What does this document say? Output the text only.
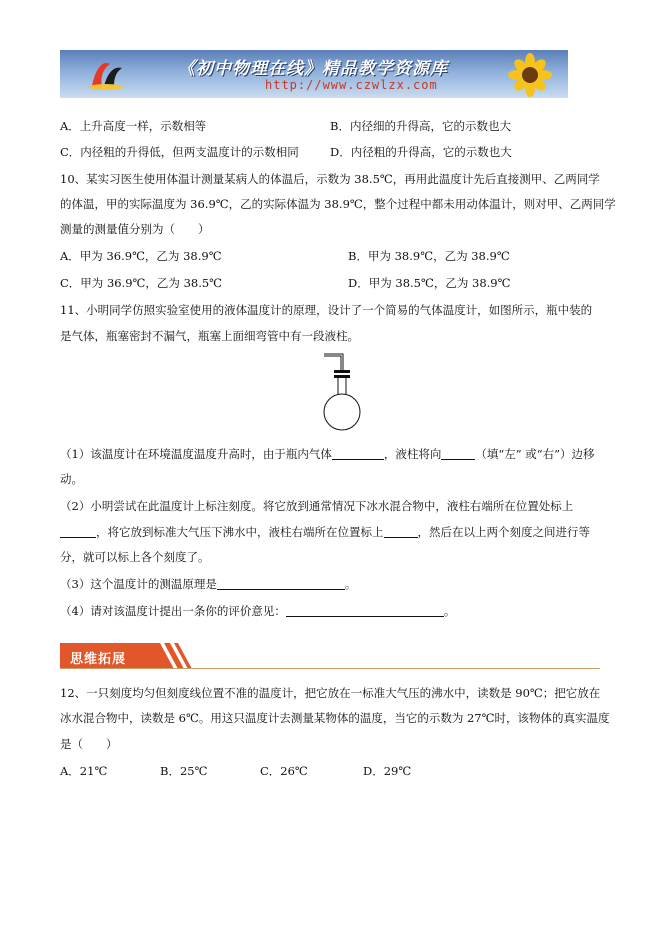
《初中物理在线》精品教学资源库
http://www.czwlzx.com
A．上升高度一样，示数相等	B．内径细的升得高，它的示数也大
C．内径粗的升得低，但两支温度计的示数相同	D．内径粗的升得高，它的示数也大
10、某实习医生使用体温计测量某病人的体温后，示数为 38.5℃，再用此温度计先后直接测甲、乙两同学
的体温，甲的实际温度为 36.9℃，乙的实际体温为 38.9℃，整个过程中都未用动体温计，则对甲、乙两同学
测量的测量值分别为（　　）
A．甲为 36.9℃，乙为 38.9℃	B．甲为 38.9℃，乙为 38.9℃
C．甲为 36.9℃，乙为 38.5℃	D．甲为 38.5℃，乙为 38.9℃
11、小明同学仿照实验室使用的液体温度计的原理，设计了一个简易的气体温度计，如图所示，瓶中装的
是气体，瓶塞密封不漏气，瓶塞上面细弯管中有一段液柱。
（1）该温度计在环境温度温度升高时，由于瓶内气体	，液柱将向	（填“左” 或“右”）边移
动。
（2）小明尝试在此温度计上标注刻度。将它放到通常情况下冰水混合物中，液柱右端所在位置处标上
，将它放到标准大气压下沸水中，液柱右端所在位置标上	，然后在以上两个刻度之间进行等
分，就可以标上各个刻度了。
（3）这个温度计的测温原理是	。
（4）请对该温度计提出一条你的评价意见：	。
思维拓展
12、一只刻度均匀但刻度线位置不准的温度计，把它放在一标准大气压的沸水中，读数是 90℃；把它放在
冰水混合物中，读数是 6℃。用这只温度计去测量某物体的温度，当它的示数为 27℃时，该物体的真实温度
是（　　）
A．21℃	B．25℃	C．26℃	D．29℃
